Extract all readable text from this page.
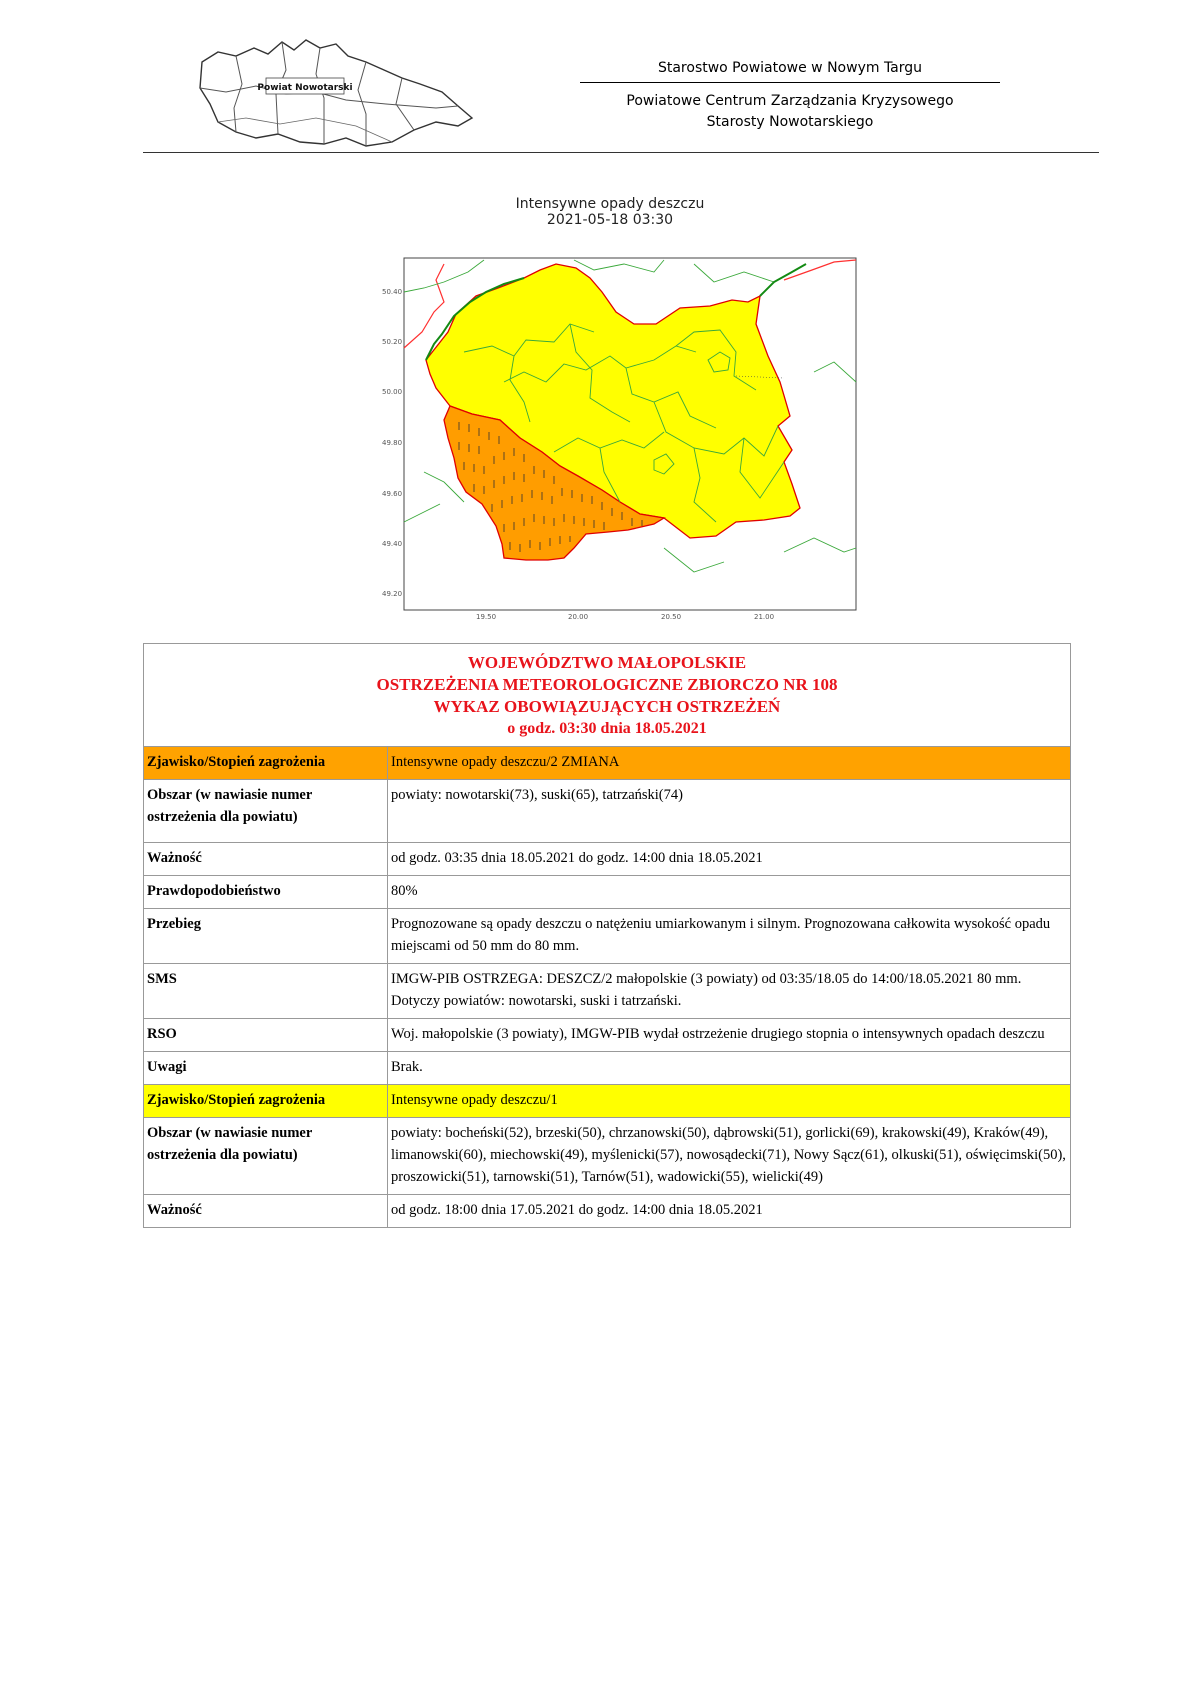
Powiat Nowotarski
Starostwo Powiatowe w Nowym Targu
Powiatowe Centrum Zarządzania Kryzysowego
Starosty Nowotarskiego
Intensywne opady deszczu
2021-05-18 03:30
50.40
50.20
50.00
49.80
49.60
49.40
49.20
19.50	20.00	20.50	21.00
WOJEWÓDZTWO MAŁOPOLSKIE
OSTRZEŻENIA METEOROLOGICZNE ZBIORCZO NR 108
WYKAZ OBOWIĄZUJĄCYCH OSTRZEŻEŃ
o godz. 03:30 dnia 18.05.2021	

Zjawisko/Stopień zagrożenia	Intensywne opady deszczu/2 ZMIANA
Obszar (w nawiasie numer
ostrzeżenia dla powiatu)	powiaty: nowotarski(73), suski(65), tatrzański(74)
Ważność	od godz. 03:35 dnia 18.05.2021 do godz. 14:00 dnia 18.05.2021
Prawdopodobieństwo	80%
Przebieg	Prognozowane są opady deszczu o natężeniu umiarkowanym i silnym. Prognozowana całkowita wysokość opadu miejscami od 50 mm do 80 mm.
SMS	IMGW-PIB OSTRZEGA: DESZCZ/2 małopolskie (3 powiaty) od 03:35/18.05 do 14:00/18.05.2021 80 mm. Dotyczy powiatów: nowotarski, suski i tatrzański.
RSO	Woj. małopolskie (3 powiaty), IMGW-PIB wydał ostrzeżenie drugiego stopnia o intensywnych opadach deszczu
Uwagi	Brak.
Zjawisko/Stopień zagrożenia	Intensywne opady deszczu/1
Obszar (w nawiasie numer
ostrzeżenia dla powiatu)	powiaty: bocheński(52), brzeski(50), chrzanowski(50), dąbrowski(51), gorlicki(69), krakowski(49), Kraków(49), limanowski(60), miechowski(49), myślenicki(57), nowosądecki(71), Nowy Sącz(61), olkuski(51), oświęcimski(50), proszowicki(51), tarnowski(51), Tarnów(51), wadowicki(55), wielicki(49)
Ważność	od godz. 18:00 dnia 17.05.2021 do godz. 14:00 dnia 18.05.2021
